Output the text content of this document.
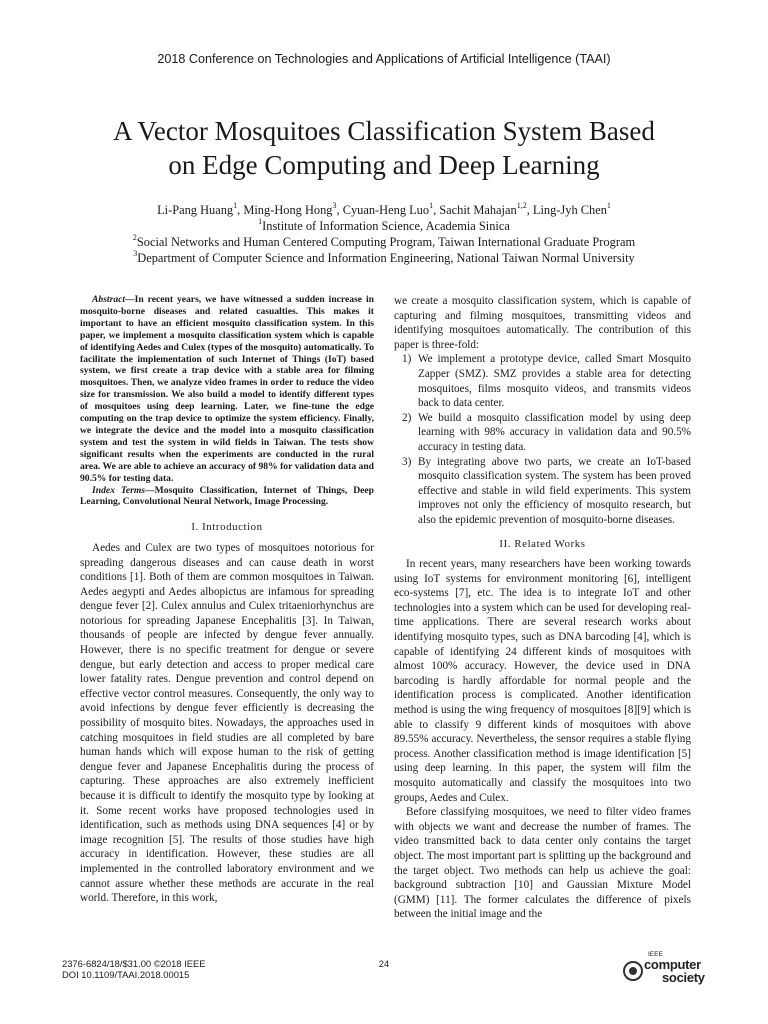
2018 Conference on Technologies and Applications of Artificial Intelligence (TAAI)
A Vector Mosquitoes Classification System Based
on Edge Computing and Deep Learning
Li-Pang Huang$^1$, Ming-Hong Hong$^3$, Cyuan-Heng Luo$^1$, Sachit Mahajan$^{1,2}$, Ling-Jyh Chen$^1$
$^1$Institute of Information Science, Academia Sinica
$^2$Social Networks and Human Centered Computing Program, Taiwan International Graduate Program
$^3$Department of Computer Science and Information Engineering, National Taiwan Normal University

Abstract—In recent years, we have witnessed a sudden increase in mosquito-borne diseases and related casualties. This makes it important to have an efficient mosquito classification system. In this paper, we implement a mosquito classification system which is capable of identifying Aedes and Culex (types of the mosquito) automatically. To facilitate the implementation of such Internet of Things (IoT) based system, we first create a trap device with a stable area for filming mosquitoes. Then, we analyze video frames in order to reduce the video size for transmission. We also build a model to identify different types of mosquitoes using deep learning. Later, we fine-tune the edge computing on the trap device to optimize the system efficiency. Finally, we integrate the device and the model into a mosquito classification system and test the system in wild fields in Taiwan. The tests show significant results when the experiments are conducted in the rural area. We are able to achieve an accuracy of 98% for validation data and 90.5% for testing data.

Index Terms—Mosquito Classification, Internet of Things, Deep Learning, Convolutional Neural Network, Image Processing.

I. Introduction

Aedes and Culex are two types of mosquitoes notorious for spreading dangerous diseases and can cause death in worst conditions [1]. Both of them are common mosquitoes in Taiwan. Aedes aegypti and Aedes albopictus are infamous for spreading dengue fever [2]. Culex annulus and Culex tritaeniorhynchus are notorious for spreading Japanese Encephalitis [3]. In Taiwan, thousands of people are infected by dengue fever annually. However, there is no specific treatment for dengue or severe dengue, but early detection and access to proper medical care lower fatality rates. Dengue prevention and control depend on effective vector control measures. Consequently, the only way to avoid infections by dengue fever efficiently is decreasing the possibility of mosquito bites. Nowadays, the approaches used in catching mosquitoes in field studies are all completed by bare human hands which will expose human to the risk of getting dengue fever and Japanese Encephalitis during the process of capturing. These approaches are also extremely inefficient because it is difficult to identify the mosquito type by looking at it. Some recent works have proposed technologies used in identification, such as methods using DNA sequences [4] or by image recognition [5]. The results of those studies have high accuracy in identification. However, these studies are all implemented in the controlled laboratory environment and we cannot assure whether these methods are accurate in the real world. Therefore, in this work,

we create a mosquito classification system, which is capable of capturing and filming mosquitoes, transmitting videos and identifying mosquitoes automatically. The contribution of this paper is three-fold:

1) We implement a prototype device, called Smart Mosquito Zapper (SMZ). SMZ provides a stable area for detecting mosquitoes, films mosquito videos, and transmits videos back to data center.
2) We build a mosquito classification model by using deep learning with 98% accuracy in validation data and 90.5% accuracy in testing data.
3) By integrating above two parts, we create an IoT-based mosquito classification system. The system has been proved effective and stable in wild field experiments. This system improves not only the efficiency of mosquito research, but also the epidemic prevention of mosquito-borne diseases.
II. Related Works

In recent years, many researchers have been working towards using IoT systems for environment monitoring [6], intelligent eco-systems [7], etc. The idea is to integrate IoT and other technologies into a system which can be used for developing real-time applications. There are several research works about identifying mosquito types, such as DNA barcoding [4], which is capable of identifying 24 different kinds of mosquitoes with almost 100% accuracy. However, the device used in DNA barcoding is hardly affordable for normal people and the identification process is complicated. Another identification method is using the wing frequency of mosquitoes [8][9] which is able to classify 9 different kinds of mosquitoes with above 89.55% accuracy. Nevertheless, the sensor requires a stable flying process. Another classification method is image identification [5] using deep learning. In this paper, the system will film the mosquito automatically and classify the mosquitoes into two groups, Aedes and Culex.

Before classifying mosquitoes, we need to filter video frames with objects we want and decrease the number of frames. The video transmitted back to data center only contains the target object. The most important part is splitting up the background and the target object. Two methods can help us achieve the goal: background subtraction [10] and Gaussian Mixture Model (GMM) [11]. The former calculates the difference of pixels between the initial image and the

2376-6824/18/$31.00 ©2018 IEEE
DOI 10.1109/TAAI.2018.00015
24
IEEE
computer
society
